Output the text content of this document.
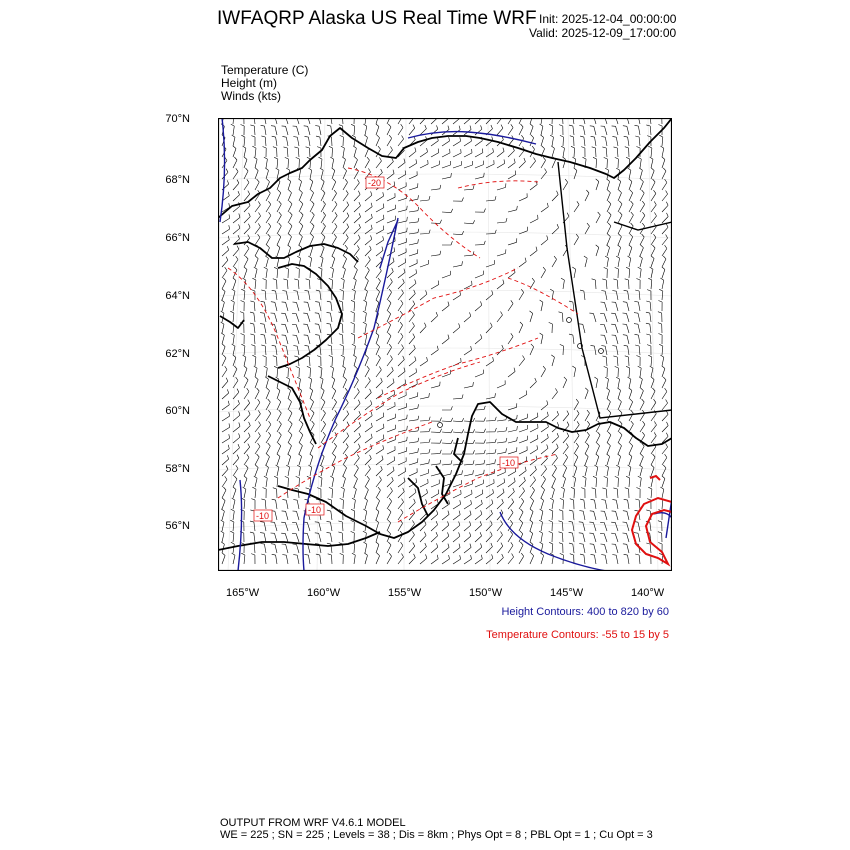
IWFAQRP Alaska US Real Time WRF Init: 2025-12-04_00:00:00
Valid: 2025-12-09_17:00:00
Temperature (C)
Height (m)
Winds (kts)
70°N
68°N
66°N
64°N
62°N
60°N
58°N
56°N
165°W	160°W	155°W	150°W	145°W	140°W
-20
-10
-10
-10
Height Contours: 400 to 820 by 60
Temperature Contours: -55 to 15 by 5
OUTPUT FROM WRF V4.6.1 MODEL
WE = 225 ; SN = 225 ; Levels = 38 ; Dis = 8km ; Phys Opt = 8 ; PBL Opt = 1 ; Cu Opt = 3
